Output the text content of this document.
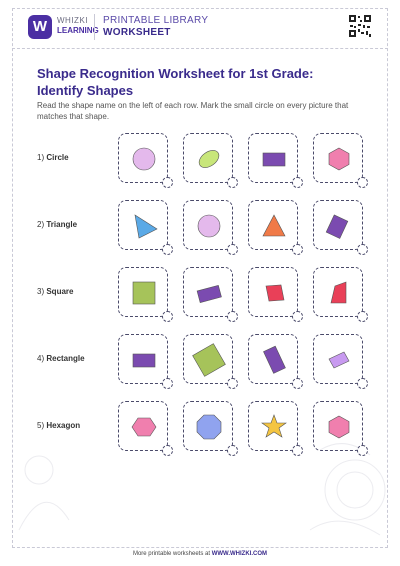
W	WHIZKI
LEARNING
PRINTABLE LIBRARY
WORKSHEET
Shape Recognition Worksheet for 1st Grade: Identify Shapes
Read the shape name on the left of each row. Mark the small circle on every picture that matches that shape.
1) Circle
2) Triangle
3) Square
4) Rectangle
5) Hexagon
More printable worksheets at WWW.WHIZKI.COM
